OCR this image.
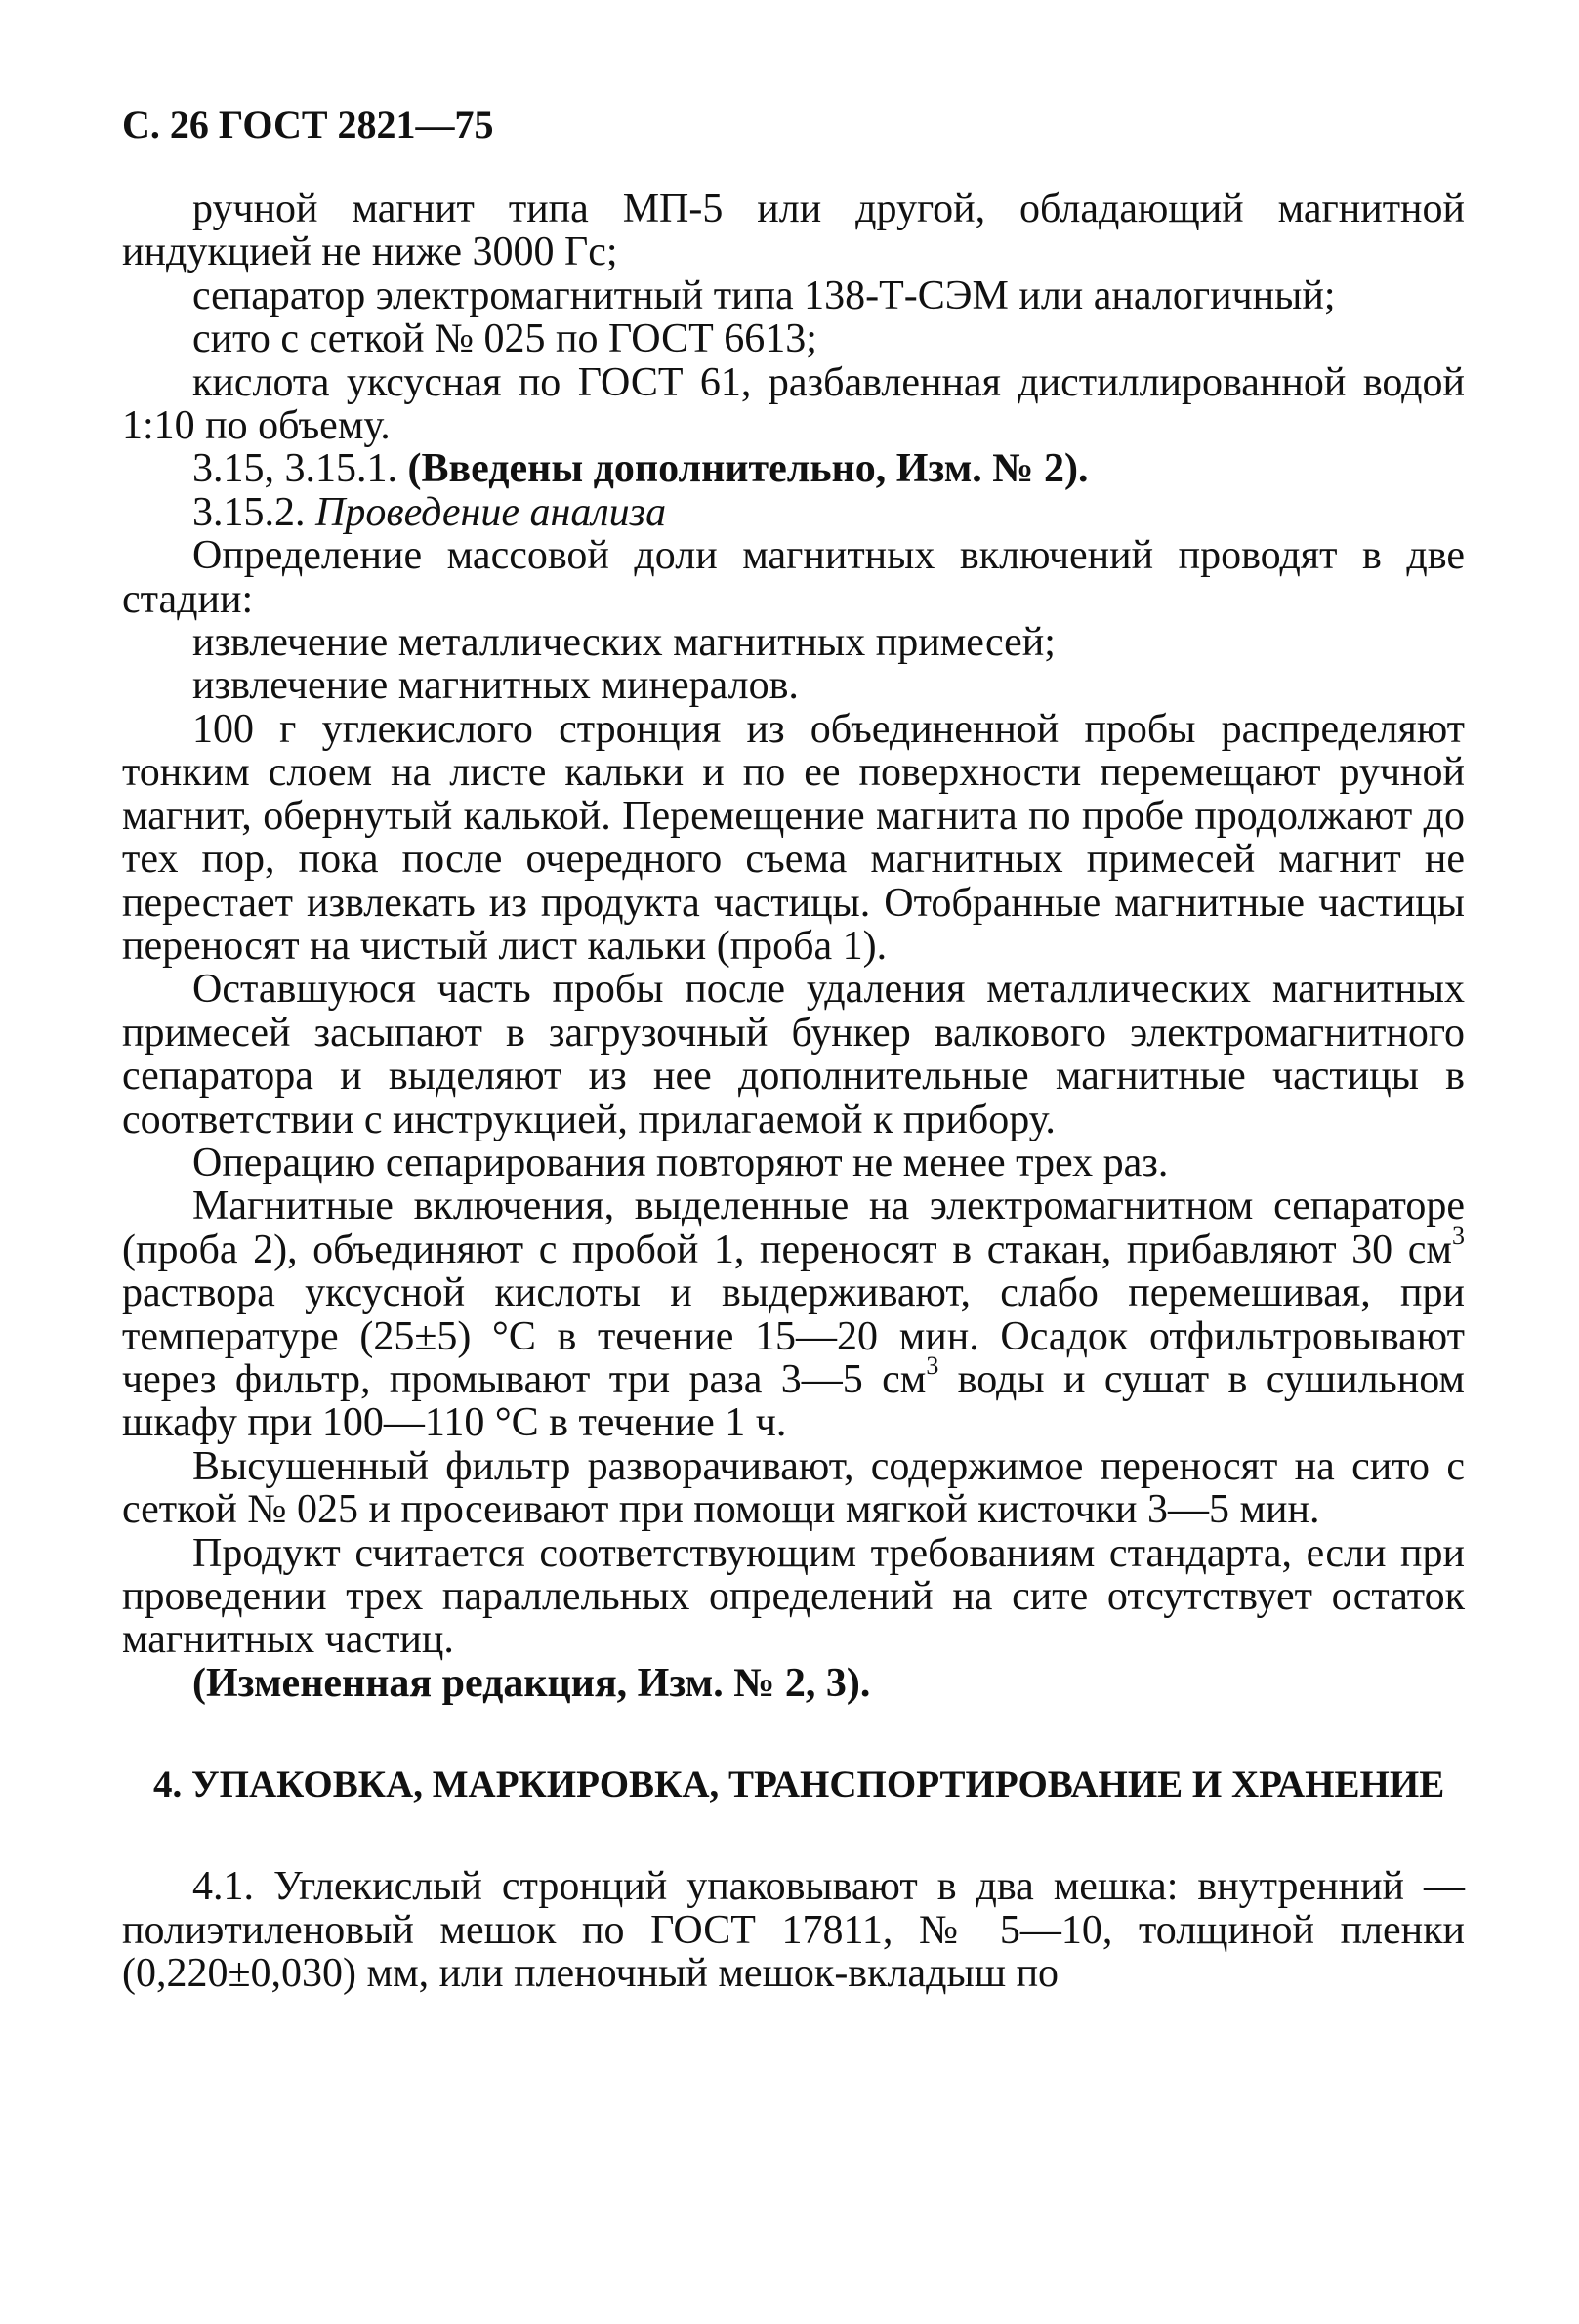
С. 26 ГОСТ 2821—75

ручной магнит типа МП-5 или другой, обладающий магнитной индукцией не ниже 3000 Гс;

сепаратор электромагнитный типа 138-Т-СЭМ или аналогичный;

сито с сеткой № 025 по ГОСТ 6613;

кислота уксусная по ГОСТ 61, разбавленная дистиллированной водой 1:10 по объему.

3.15, 3.15.1. (Введены дополнительно, Изм. № 2).

3.15.2. Проведение анализа

Определение массовой доли магнитных включений проводят в две стадии:

извлечение металлических магнитных примесей;

извлечение магнитных минералов.

100 г углекислого стронция из объединенной пробы распределяют тонким слоем на листе кальки и по ее поверхности перемещают ручной магнит, обернутый калькой. Перемещение магнита по пробе продолжают до тех пор, пока после очередного съема магнитных примесей магнит не перестает извлекать из продукта частицы. Отобранные магнитные частицы переносят на чистый лист кальки (проба 1).

Оставшуюся часть пробы после удаления металлических магнитных примесей засыпают в загрузочный бункер валкового электромагнитного сепаратора и выделяют из нее дополнительные магнитные частицы в соответствии с инструкцией, прилагаемой к прибору.

Операцию сепарирования повторяют не менее трех раз.

Магнитные включения, выделенные на электромагнитном сепараторе (проба 2), объединяют с пробой 1, переносят в стакан, прибавляют 30 $см^3$ раствора уксусной кислоты и выдерживают, слабо перемешивая, при температуре (25±5) °С в течение 15—20 мин. Осадок отфильтровывают через фильтр, промывают три раза 3—5 $см^3$ воды и сушат в сушильном шкафу при 100—110 °С в течение 1 ч.

Высушенный фильтр разворачивают, содержимое переносят на сито с сеткой № 025 и просеивают при помощи мягкой кисточки 3—5 мин.

Продукт считается соответствующим требованиям стандарта, если при проведении трех параллельных определений на сите отсутствует остаток магнитных частиц.

(Измененная редакция, Изм. № 2, 3).

4. УПАКОВКА, МАРКИРОВКА, ТРАНСПОРТИРОВАНИЕ И ХРАНЕНИЕ

4.1. Углекислый стронций упаковывают в два мешка: внутренний — полиэтиленовый мешок по ГОСТ 17811, № 5—10, толщиной пленки (0,220±0,030) мм, или пленочный мешок-вкладыш по
